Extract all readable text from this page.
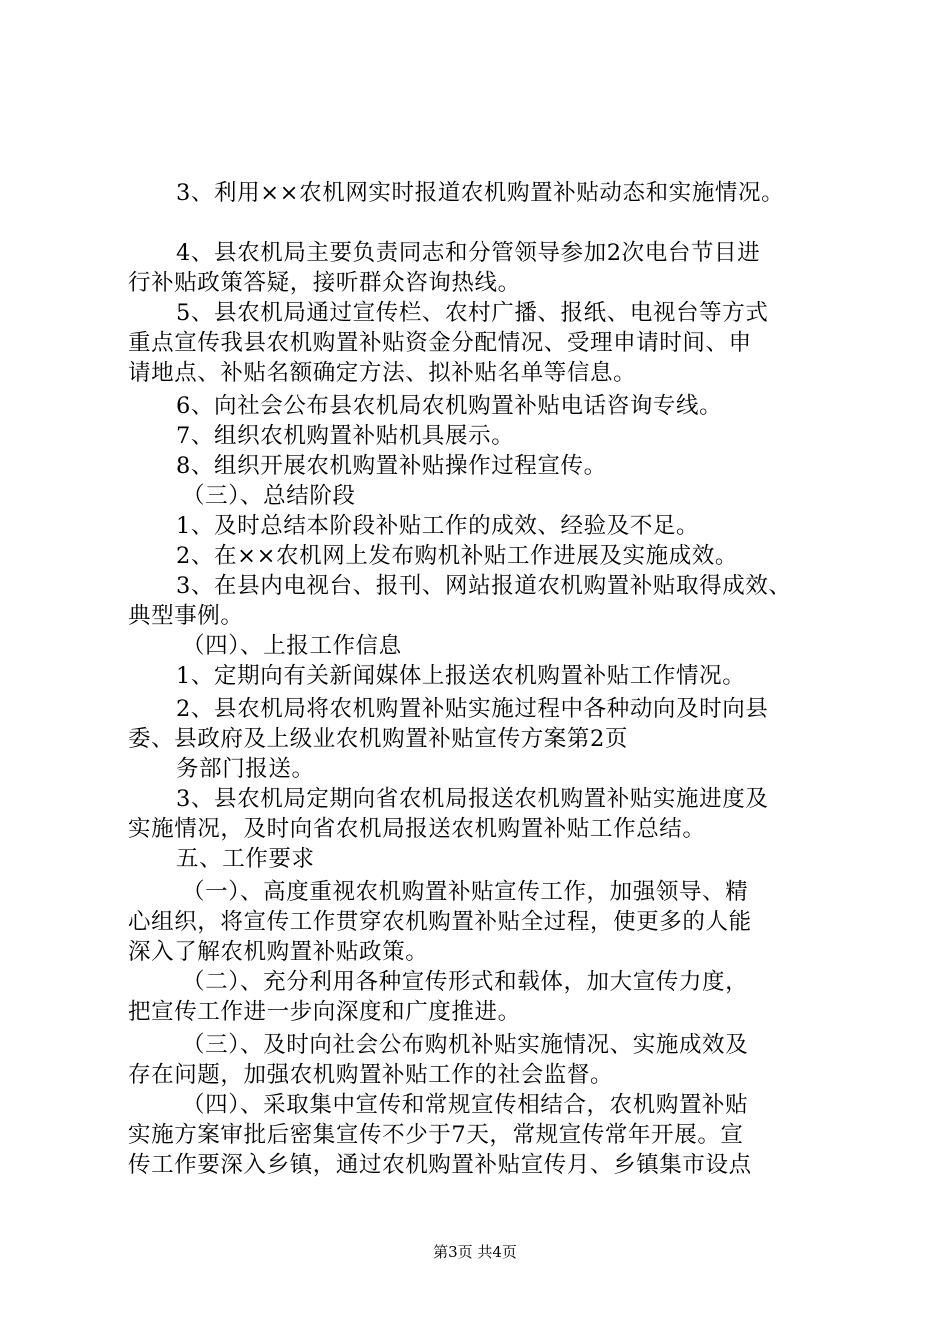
3、利用××农机网实时报道农机购置补贴动态和实施情况。
4、县农机局主要负责同志和分管领导参加2次电台节目进
行补贴政策答疑，接听群众咨询热线。
5、县农机局通过宣传栏、农村广播、报纸、电视台等方式
重点宣传我县农机购置补贴资金分配情况、受理申请时间、申
请地点、补贴名额确定方法、拟补贴名单等信息。
6、向社会公布县农机局农机购置补贴电话咨询专线。
7、组织农机购置补贴机具展示。
8、组织开展农机购置补贴操作过程宣传。
（三）、总结阶段
1、及时总结本阶段补贴工作的成效、经验及不足。
2、在××农机网上发布购机补贴工作进展及实施成效。
3、在县内电视台、报刊、网站报道农机购置补贴取得成效、
典型事例。
（四）、上报工作信息
1、定期向有关新闻媒体上报送农机购置补贴工作情况。
2、县农机局将农机购置补贴实施过程中各种动向及时向县
委、县政府及上级业农机购置补贴宣传方案第2页
务部门报送。
3、县农机局定期向省农机局报送农机购置补贴实施进度及
实施情况，及时向省农机局报送农机购置补贴工作总结。
五、工作要求
（一）、高度重视农机购置补贴宣传工作，加强领导、精
心组织，将宣传工作贯穿农机购置补贴全过程，使更多的人能
深入了解农机购置补贴政策。
（二）、充分利用各种宣传形式和载体，加大宣传力度，
把宣传工作进一步向深度和广度推进。
（三）、及时向社会公布购机补贴实施情况、实施成效及
存在问题，加强农机购置补贴工作的社会监督。
（四）、采取集中宣传和常规宣传相结合，农机购置补贴
实施方案审批后密集宣传不少于7天，常规宣传常年开展。宣
传工作要深入乡镇，通过农机购置补贴宣传月、乡镇集市设点
第3页 共4页
